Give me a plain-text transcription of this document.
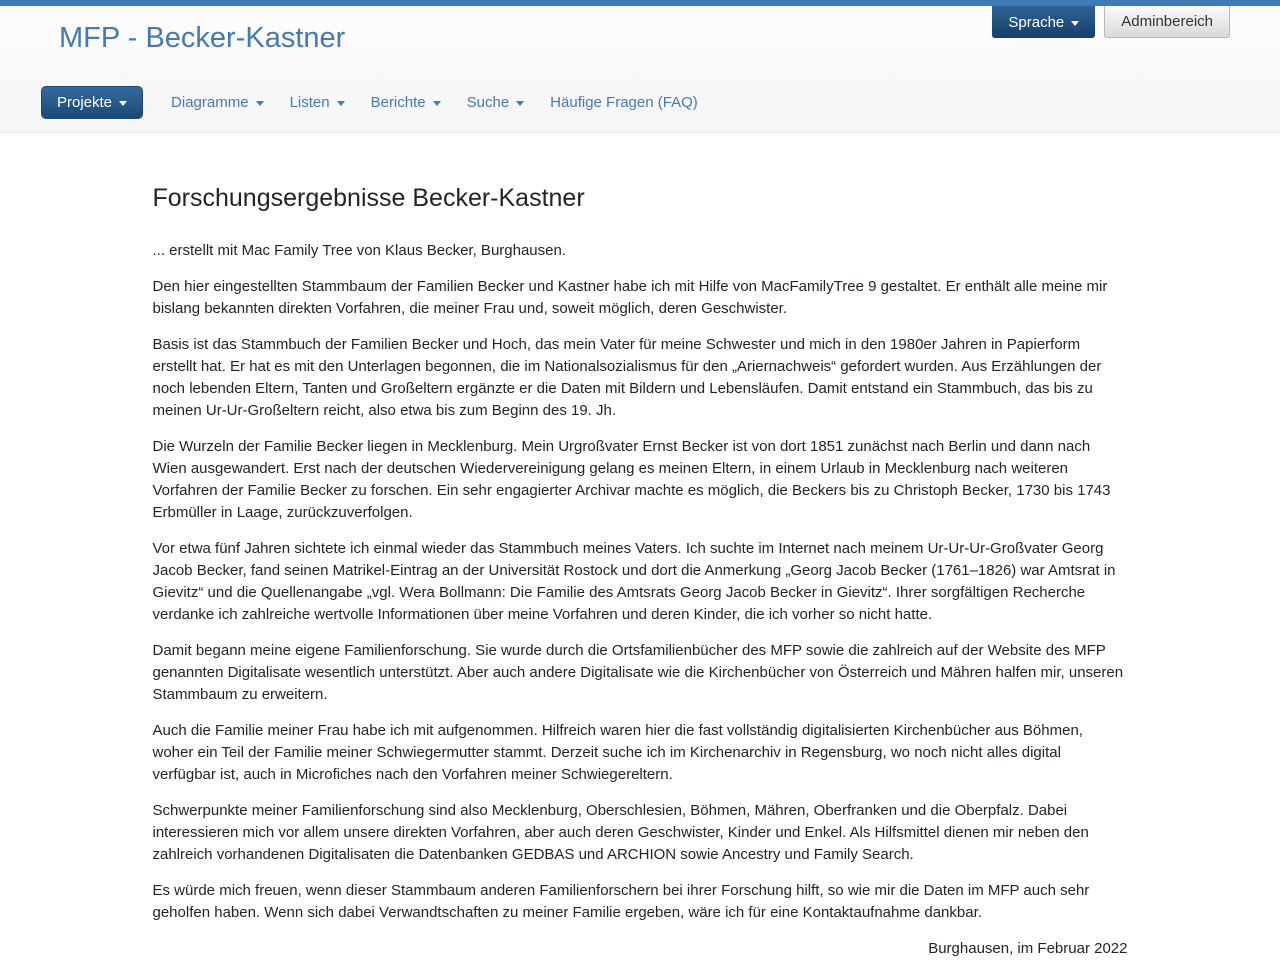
MFP - Becker-Kastner	Sprache	Adminbereich
Projekte	Diagramme	Listen	Berichte	Suche	Häufige Fragen (FAQ)
Forschungsergebnisse Becker-Kastner

... erstellt mit Mac Family Tree von Klaus Becker, Burghausen.

Den hier eingestellten Stammbaum der Familien Becker und Kastner habe ich mit Hilfe von MacFamilyTree 9 gestaltet. Er enthält alle meine mir bislang bekannten direkten Vorfahren, die meiner Frau und, soweit möglich, deren Geschwister.

Basis ist das Stammbuch der Familien Becker und Hoch, das mein Vater für meine Schwester und mich in den 1980er Jahren in Papierform erstellt hat. Er hat es mit den Unterlagen begonnen, die im Nationalsozialismus für den „Ariernachweis“ gefordert wurden. Aus Erzählungen der noch lebenden Eltern, Tanten und Großeltern ergänzte er die Daten mit Bildern und Lebensläufen. Damit entstand ein Stammbuch, das bis zu meinen Ur-Ur-Großeltern reicht, also etwa bis zum Beginn des 19. Jh.

Die Wurzeln der Familie Becker liegen in Mecklenburg. Mein Urgroßvater Ernst Becker ist von dort 1851 zunächst nach Berlin und dann nach Wien ausgewandert. Erst nach der deutschen Wiedervereinigung gelang es meinen Eltern, in einem Urlaub in Mecklenburg nach weiteren Vorfahren der Familie Becker zu forschen. Ein sehr engagierter Archivar machte es möglich, die Beckers bis zu Christoph Becker, 1730 bis 1743 Erbmüller in Laage, zurückzuverfolgen.

Vor etwa fünf Jahren sichtete ich einmal wieder das Stammbuch meines Vaters. Ich suchte im Internet nach meinem Ur-Ur-Ur-Großvater Georg Jacob Becker, fand seinen Matrikel-Eintrag an der Universität Rostock und dort die Anmerkung „Georg Jacob Becker (1761–1826) war Amtsrat in Gievitz“ und die Quellenangabe „vgl. Wera Bollmann: Die Familie des Amtsrats Georg Jacob Becker in Gievitz“. Ihrer sorgfältigen Recherche verdanke ich zahlreiche wertvolle Informationen über meine Vorfahren und deren Kinder, die ich vorher so nicht hatte.

Damit begann meine eigene Familienforschung. Sie wurde durch die Ortsfamilienbücher des MFP sowie die zahlreich auf der Website des MFP genannten Digitalisate wesentlich unterstützt. Aber auch andere Digitalisate wie die Kirchenbücher von Österreich und Mähren halfen mir, unseren Stammbaum zu erweitern.

Auch die Familie meiner Frau habe ich mit aufgenommen. Hilfreich waren hier die fast vollständig digitalisierten Kirchenbücher aus Böhmen, woher ein Teil der Familie meiner Schwiegermutter stammt. Derzeit suche ich im Kirchenarchiv in Regensburg, wo noch nicht alles digital verfügbar ist, auch in Microfiches nach den Vorfahren meiner Schwiegereltern.

Schwerpunkte meiner Familienforschung sind also Mecklenburg, Oberschlesien, Böhmen, Mähren, Oberfranken und die Oberpfalz. Dabei interessieren mich vor allem unsere direkten Vorfahren, aber auch deren Geschwister, Kinder und Enkel. Als Hilfsmittel dienen mir neben den zahlreich vorhandenen Digitalisaten die Datenbanken GEDBAS und ARCHION sowie Ancestry und Family Search.

Es würde mich freuen, wenn dieser Stammbaum anderen Familienforschern bei ihrer Forschung hilft, so wie mir die Daten im MFP auch sehr geholfen haben. Wenn sich dabei Verwandtschaften zu meiner Familie ergeben, wäre ich für eine Kontaktaufnahme dankbar.

Burghausen, im Februar 2022
